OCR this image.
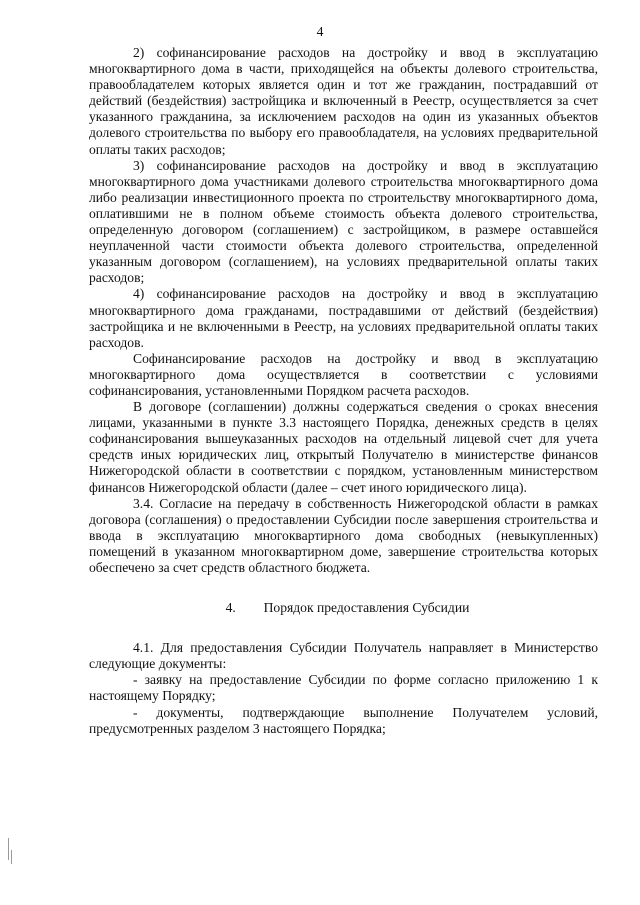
4

2) софинансирование расходов на достройку и ввод в эксплуатацию многоквартирного дома в части, приходящейся на объекты долевого строительства, правообладателем которых является один и тот же гражданин, пострадавший от действий (бездействия) застройщика и включенный в Реестр, осуществляется за счет указанного гражданина, за исключением расходов на один из указанных объектов долевого строительства по выбору его правообладателя, на условиях предварительной оплаты таких расходов;

3) софинансирование расходов на достройку и ввод в эксплуатацию многоквартирного дома участниками долевого строительства многоквартирного дома либо реализации инвестиционного проекта по строительству многоквартирного дома, оплатившими не в полном объеме стоимость объекта долевого строительства, определенную договором (соглашением) с застройщиком, в размере оставшейся неуплаченной части стоимости объекта долевого строительства, определенной указанным договором (соглашением), на условиях предварительной оплаты таких расходов;

4) софинансирование расходов на достройку и ввод в эксплуатацию многоквартирного дома гражданами, пострадавшими от действий (бездействия) застройщика и не включенными в Реестр, на условиях предварительной оплаты таких расходов.

Софинансирование расходов на достройку и ввод в эксплуатацию многоквартирного дома осуществляется в соответствии с условиями софинансирования, установленными Порядком расчета расходов.

В договоре (соглашении) должны содержаться сведения о сроках внесения лицами, указанными в пункте 3.3 настоящего Порядка, денежных средств в целях софинансирования вышеуказанных расходов на отдельный лицевой счет для учета средств иных юридических лиц, открытый Получателю в министерстве финансов Нижегородской области в соответствии с порядком, установленным министерством финансов Нижегородской области (далее – счет иного юридического лица).

3.4. Согласие на передачу в собственность Нижегородской области в рамках договора (соглашения) о предоставлении Субсидии после завершения строительства и ввода в эксплуатацию многоквартирного дома свободных (невыкупленных) помещений в указанном многоквартирном доме, завершение строительства которых обеспечено за счет средств областного бюджета.

4.	Порядок предоставления Субсидии

4.1. Для предоставления Субсидии Получатель направляет в Министерство следующие документы:

- заявку на предоставление Субсидии по форме согласно приложению 1 к настоящему Порядку;

- документы, подтверждающие выполнение Получателем условий, предусмотренных разделом 3 настоящего Порядка;
